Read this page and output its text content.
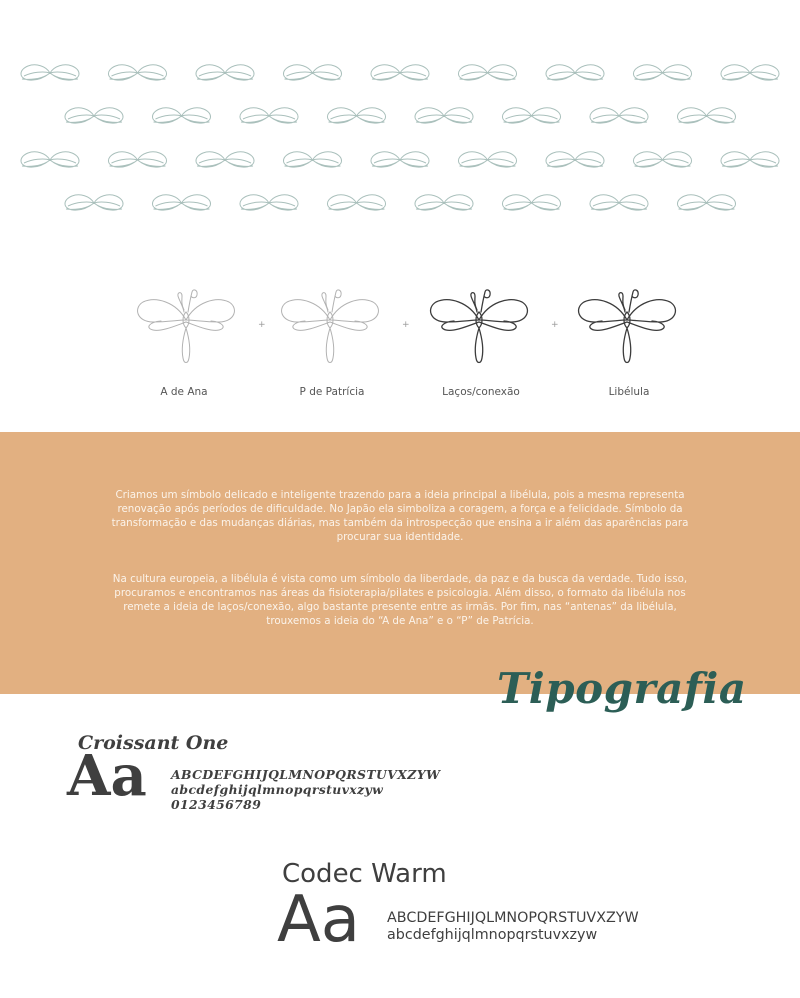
+	+	+
A de Ana	P de Patrícia	Laços/conexão	Libélula

Criamos um símbolo delicado e inteligente trazendo para a ideia principal a libélula, pois a mesma representa renovação após períodos de dificuldade. No Japão ela simboliza a coragem, a força e a felicidade. Símbolo da transformação e das mudanças diárias, mas também da introspecção que ensina a ir além das aparências para procurar sua identidade.

Na cultura europeia, a libélula é vista como um símbolo da liberdade, da paz e da busca da verdade. Tudo isso, procuramos e encontramos nas áreas da fisioterapia/pilates e psicologia. Além disso, o formato da libélula nos remete a ideia de laços/conexão, algo bastante presente entre as irmãs. Por fim, nas “antenas” da libélula, trouxemos a ideia do “A de Ana” e o “P” de Patrícia.

Tipografia
Croissant One
Aa ABCDEFGHIJQLMNOPQRSTUVXZYW
abcdefghijqlmnopqrstuvxzyw
0123456789
Codec Warm
Aa ABCDEFGHIJQLMNOPQRSTUVXZYW
abcdefghijqlmnopqrstuvxzyw
